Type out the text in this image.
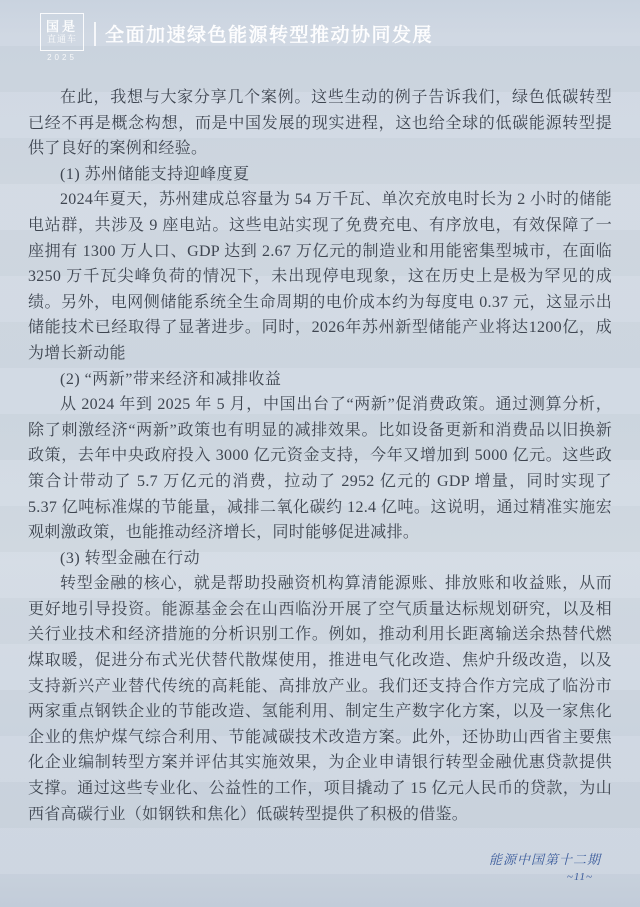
国是
直通车
2025
全面加速绿色能源转型推动协同发展

在此，我想与大家分享几个案例。这些生动的例子告诉我们，绿色低碳转型已经不再是概念构想，而是中国发展的现实进程，这也给全球的低碳能源转型提供了良好的案例和经验。

(1) 苏州储能支持迎峰度夏

2024年夏天，苏州建成总容量为 54 万千瓦、单次充放电时长为 2 小时的储能电站群，共涉及 9 座电站。这些电站实现了免费充电、有序放电，有效保障了一座拥有 1300 万人口、GDP 达到 2.67 万亿元的制造业和用能密集型城市，在面临 3250 万千瓦尖峰负荷的情况下，未出现停电现象，这在历史上是极为罕见的成绩。另外，电网侧储能系统全生命周期的电价成本约为每度电 0.37 元，这显示出储能技术已经取得了显著进步。同时，2026年苏州新型储能产业将达1200亿，成为增长新动能

(2) “两新”带来经济和减排收益

从 2024 年到 2025 年 5 月，中国出台了“两新”促消费政策。通过测算分析，除了刺激经济“两新”政策也有明显的减排效果。比如设备更新和消费品以旧换新政策，去年中央政府投入 3000 亿元资金支持，今年又增加到 5000 亿元。这些政策合计带动了 5.7 万亿元的消费，拉动了 2952 亿元的 GDP 增量，同时实现了 5.37 亿吨标准煤的节能量，减排二氧化碳约 12.4 亿吨。这说明，通过精准实施宏观刺激政策，也能推动经济增长，同时能够促进减排。

(3) 转型金融在行动

转型金融的核心，就是帮助投融资机构算清能源账、排放账和收益账，从而更好地引导投资。能源基金会在山西临汾开展了空气质量达标规划研究，以及相关行业技术和经济措施的分析识别工作。例如，推动利用长距离输送余热替代燃煤取暖，促进分布式光伏替代散煤使用，推进电气化改造、焦炉升级改造，以及支持新兴产业替代传统的高耗能、高排放产业。我们还支持合作方完成了临汾市两家重点钢铁企业的节能改造、氢能利用、制定生产数字化方案，以及一家焦化企业的焦炉煤气综合利用、节能减碳技术改造方案。此外，还协助山西省主要焦化企业编制转型方案并评估其实施效果，为企业申请银行转型金融优惠贷款提供支撑。通过这些专业化、公益性的工作，项目撬动了 15 亿元人民币的贷款，为山西省高碳行业（如钢铁和焦化）低碳转型提供了积极的借鉴。

能源中国第十二期
~11~
